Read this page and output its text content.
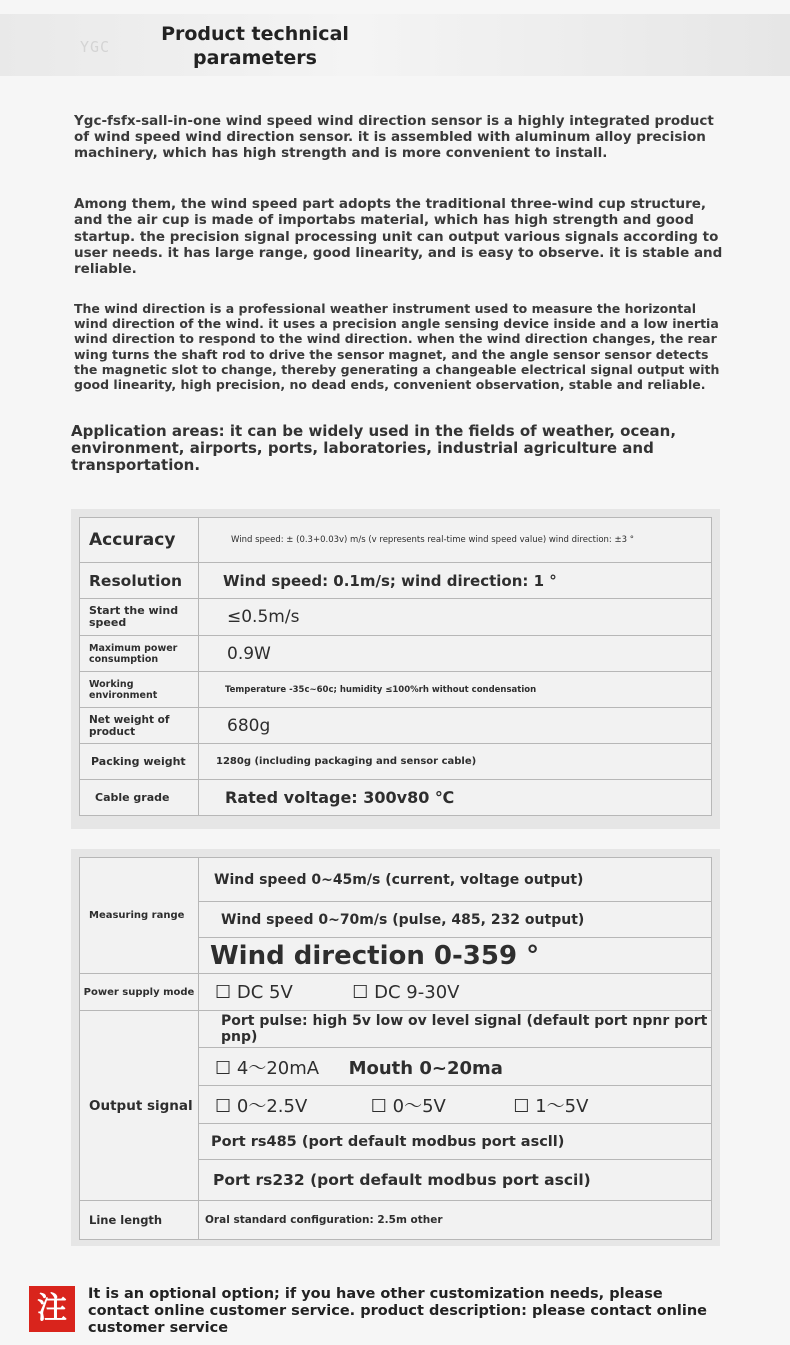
YGC
Product technical parameters

Ygc-fsfx-sall-in-one wind speed wind direction sensor is a highly integrated product of wind speed wind direction sensor. it is assembled with aluminum alloy precision machinery, which has high strength and is more convenient to install.

Among them, the wind speed part adopts the traditional three-wind cup structure, and the air cup is made of importabs material, which has high strength and good startup. the precision signal processing unit can output various signals according to user needs. it has large range, good linearity, and is easy to observe. it is stable and reliable.

The wind direction is a professional weather instrument used to measure the horizontal wind direction of the wind. it uses a precision angle sensing device inside and a low inertia wind direction to respond to the wind direction. when the wind direction changes, the rear wing turns the shaft rod to drive the sensor magnet, and the angle sensor sensor detects the magnetic slot to change, thereby generating a changeable electrical signal output with good linearity, high precision, no dead ends, convenient observation, stable and reliable.

Application areas: it can be widely used in the fields of weather, ocean, environment, airports, ports, laboratories, industrial agriculture and transportation.

Accuracy	Wind speed: ± (0.3+0.03v) m/s (v represents real-time wind speed value) wind direction: ±3 °
Resolution	Wind speed: 0.1m/s; wind direction: 1 °
Start the wind speed	≤0.5m/s
Maximum power consumption	0.9W
Working environment	Temperature -35c~60c; humidity ≤100%rh without condensation
Net weight of product	680g
Packing weight	1280g (including packaging and sensor cable)
Cable grade	Rated voltage: 300v80 ℃
Measuring range	Wind speed 0~45m/s (current, voltage output)
	Wind speed 0~70m/s (pulse, 485, 232 output)
	Wind direction 0-359 °
Power supply mode	☐ DC 5V ☐ DC 9-30V
Output signal	Port pulse: high 5v low ov level signal (default port npnr port pnp)
	☐ 4～20mA Mouth 0~20ma
	☐ 0～2.5V ☐ 0～5V ☐ 1～5V
	Port rs485 (port default modbus port ascll)
	Port rs232 (port default modbus port ascil)
Line length	Oral standard configuration: 2.5m other
注	It is an optional option; if you have other customization needs, please contact online customer service. product description: please contact online customer service
